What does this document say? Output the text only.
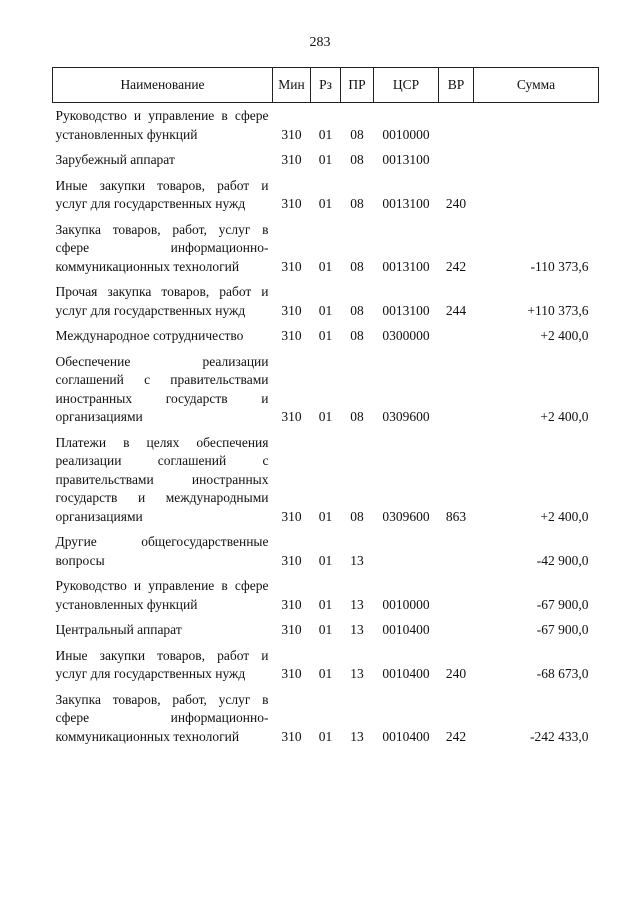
283
Наименование	Мин	Рз	ПР	ЦСР	ВР	Сумма
Руководство и управление в сфере установленных функций	310	01	08	0010000		
Зарубежный аппарат	310	01	08	0013100		
Иные закупки товаров, работ и услуг для государственных нужд	310	01	08	0013100	240	
Закупка товаров, работ, услуг в сфере информационно-коммуникационных технологий	310	01	08	0013100	242	-110 373,6
Прочая закупка товаров, работ и услуг для государственных нужд	310	01	08	0013100	244	+110 373,6
Международное сотрудничество	310	01	08	0300000		+2 400,0
Обеспечение реализации соглашений с правительствами иностранных государств и организациями	310	01	08	0309600		+2 400,0
Платежи в целях обеспечения реализации соглашений с правительствами иностранных государств и международными организациями	310	01	08	0309600	863	+2 400,0
Другие общегосударственные вопросы	310	01	13			-42 900,0
Руководство и управление в сфере установленных функций	310	01	13	0010000		-67 900,0
Центральный аппарат	310	01	13	0010400		-67 900,0
Иные закупки товаров, работ и услуг для государственных нужд	310	01	13	0010400	240	-68 673,0
Закупка товаров, работ, услуг в сфере информационно-коммуникационных технологий	310	01	13	0010400	242	-242 433,0
